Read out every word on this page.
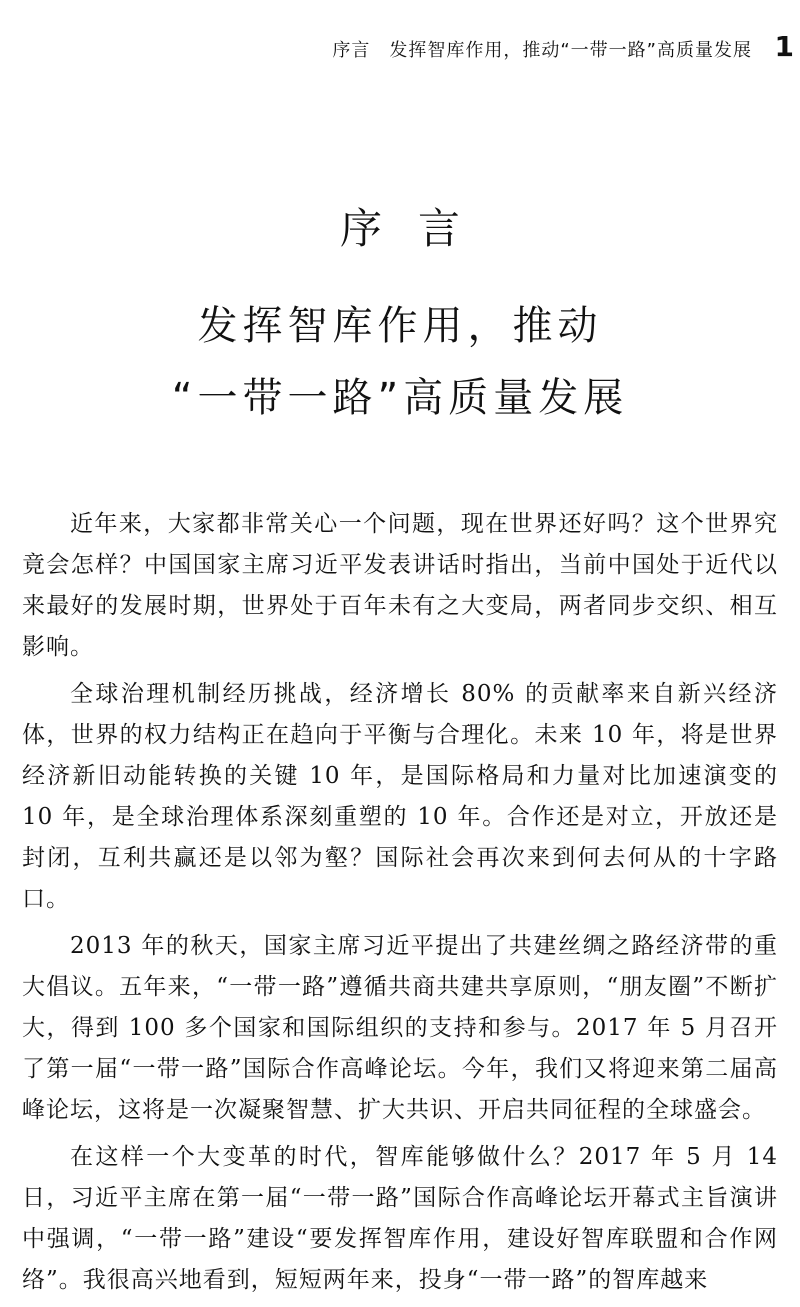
序言　发挥智库作用，推动“一带一路”高质量发展 1
序言
发挥智库作用，推动
“一带一路”高质量发展

近年来，大家都非常关心一个问题，现在世界还好吗？这个世界究竟会怎样？中国国家主席习近平发表讲话时指出，当前中国处于近代以来最好的发展时期，世界处于百年未有之大变局，两者同步交织、相互影响。

全球治理机制经历挑战，经济增长 80% 的贡献率来自新兴经济体，世界的权力结构正在趋向于平衡与合理化。未来 10 年，将是世界经济新旧动能转换的关键 10 年，是国际格局和力量对比加速演变的 10 年，是全球治理体系深刻重塑的 10 年。合作还是对立，开放还是封闭，互利共赢还是以邻为壑？国际社会再次来到何去何从的十字路口。

2013 年的秋天，国家主席习近平提出了共建丝绸之路经济带的重大倡议。五年来，“一带一路”遵循共商共建共享原则，“朋友圈”不断扩大，得到 100 多个国家和国际组织的支持和参与。2017 年 5 月召开了第一届“一带一路”国际合作高峰论坛。今年，我们又将迎来第二届高峰论坛，这将是一次凝聚智慧、扩大共识、开启共同征程的全球盛会。

在这样一个大变革的时代，智库能够做什么？2017 年 5 月 14 日，习近平主席在第一届“一带一路”国际合作高峰论坛开幕式主旨演讲中强调，“一带一路”建设“要发挥智库作用，建设好智库联盟和合作网络”。我很高兴地看到，短短两年来，投身“一带一路”的智库越来
